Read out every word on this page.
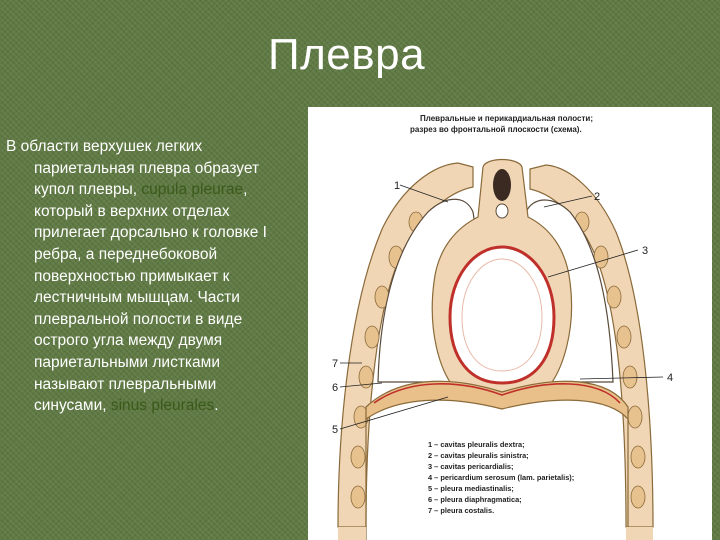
Плевра
В области верхушек легких
париетальная плевра образует
купол плевры, cupula pleurae,
который в верхних отделах
прилегает дорсально к головке I
ребра, а переднебоковой
поверхностью примыкает к
лестничным мышцам. Части
плевральной полости в виде
острого угла между двумя
париетальными листками
называют плевральными
синусами, sinus pleurales.
Плевральные и перикардиальная полости;
разрез во фронтальной плоскости (схема).
1
2
3
4
5
6
7
1 – cavitas pleuralis dextra;
2 – cavitas pleuralis sinistra;
3 – cavitas pericardialis;
4 – pericardium serosum (lam. parietalis);
5 – pleura mediastinalis;
6 – pleura diaphragmatica;
7 – pleura costalis.
